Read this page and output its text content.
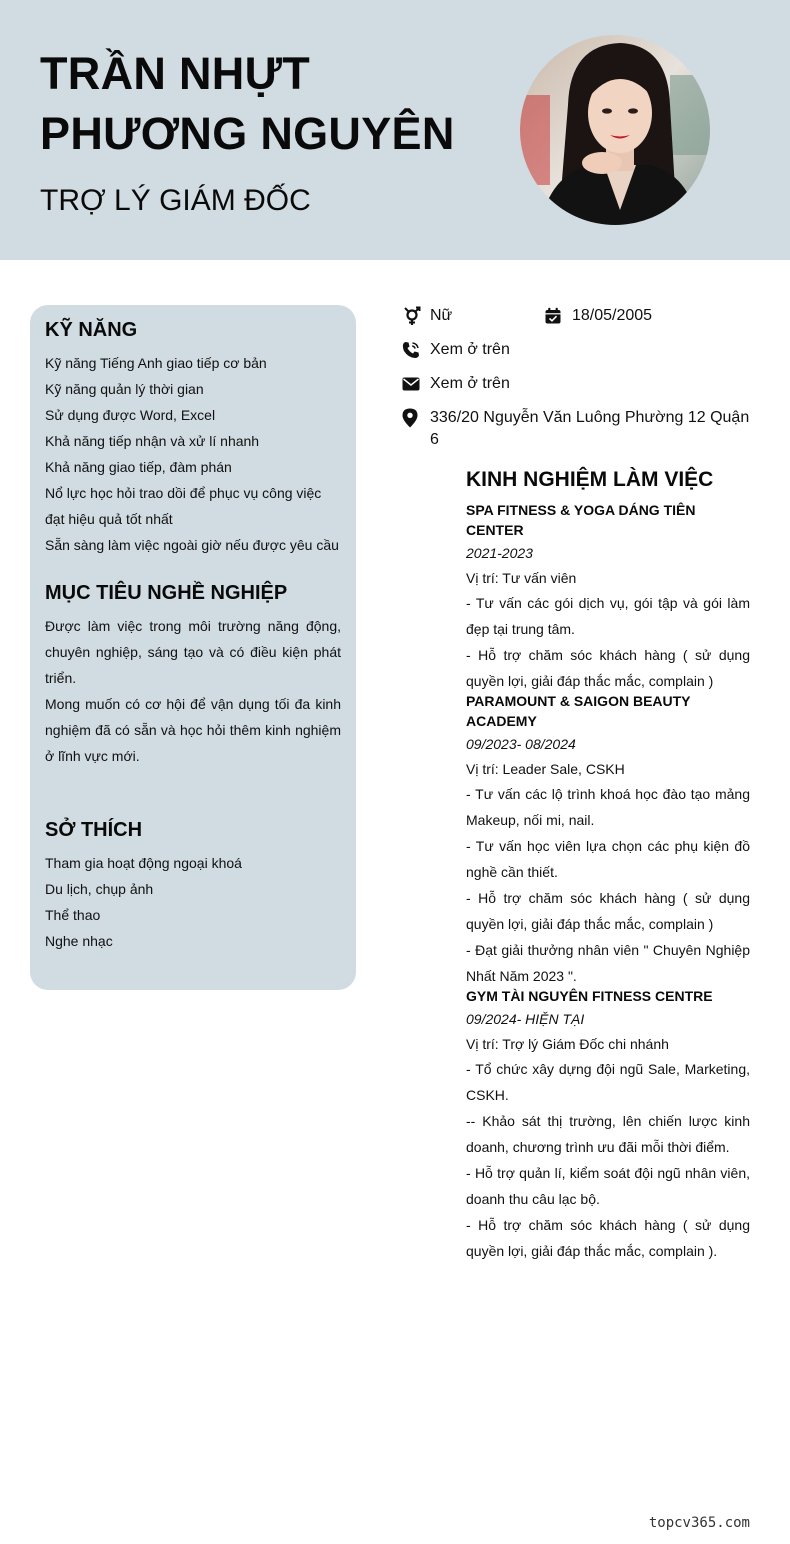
TRẦN NHỰT
PHƯƠNG NGUYÊN
TRỢ LÝ GIÁM ĐỐC
KỸ NĂNG
Kỹ năng Tiếng Anh giao tiếp cơ bản
Kỹ năng quản lý thời gian
Sử dụng được Word, Excel
Khả năng tiếp nhận và xử lí nhanh
Khả năng giao tiếp, đàm phán
Nổ lực học hỏi trao dồi để phục vụ công việc
đạt hiệu quả tốt nhất
Sẵn sàng làm việc ngoài giờ nếu được yêu cầu
MỤC TIÊU NGHỀ NGHIỆP
Được làm việc trong môi trường năng động, chuyên nghiệp, sáng tạo và có điều kiện phát triển.
Mong muốn có cơ hội để vận dụng tối đa kinh nghiệm đã có sẵn và học hỏi thêm kinh nghiệm ở lĩnh vực mới.
SỞ THÍCH
Tham gia hoạt động ngoại khoá
Du lịch, chụp ảnh
Thể thao
Nghe nhạc
Nữ	18/05/2005
Xem ở trên
Xem ở trên
336/20 Nguyễn Văn Luông Phường 12 Quận 6
KINH NGHIỆM LÀM VIỆC
SPA FITNESS & YOGA DÁNG TIÊN CENTER
2021-2023
Vị trí: Tư vấn viên
- Tư vấn các gói dịch vụ, gói tập và gói làm đẹp tại trung tâm.
- Hỗ trợ chăm sóc khách hàng ( sử dụng quyền lợi, giải đáp thắc mắc, complain )
PARAMOUNT & SAIGON BEAUTY ACADEMY
09/2023- 08/2024
Vị trí: Leader Sale, CSKH
- Tư vấn các lộ trình khoá học đào tạo mảng Makeup, nối mi, nail.
- Tư vấn học viên lựa chọn các phụ kiện đồ nghề cần thiết.
- Hỗ trợ chăm sóc khách hàng ( sử dụng quyền lợi, giải đáp thắc mắc, complain )
- Đạt giải thưởng nhân viên " Chuyên Nghiệp Nhất Năm 2023 ".
GYM TÀI NGUYÊN FITNESS CENTRE
09/2024- HIỆN TẠI
Vị trí: Trợ lý Giám Đốc chi nhánh
- Tổ chức xây dựng đội ngũ Sale, Marketing, CSKH.
-- Khảo sát thị trường, lên chiến lược kinh doanh, chương trình ưu đãi mỗi thời điểm.
- Hỗ trợ quản lí, kiểm soát đội ngũ nhân viên, doanh thu câu lạc bộ.
- Hỗ trợ chăm sóc khách hàng ( sử dụng quyền lợi, giải đáp thắc mắc, complain ).
topcv365.com
